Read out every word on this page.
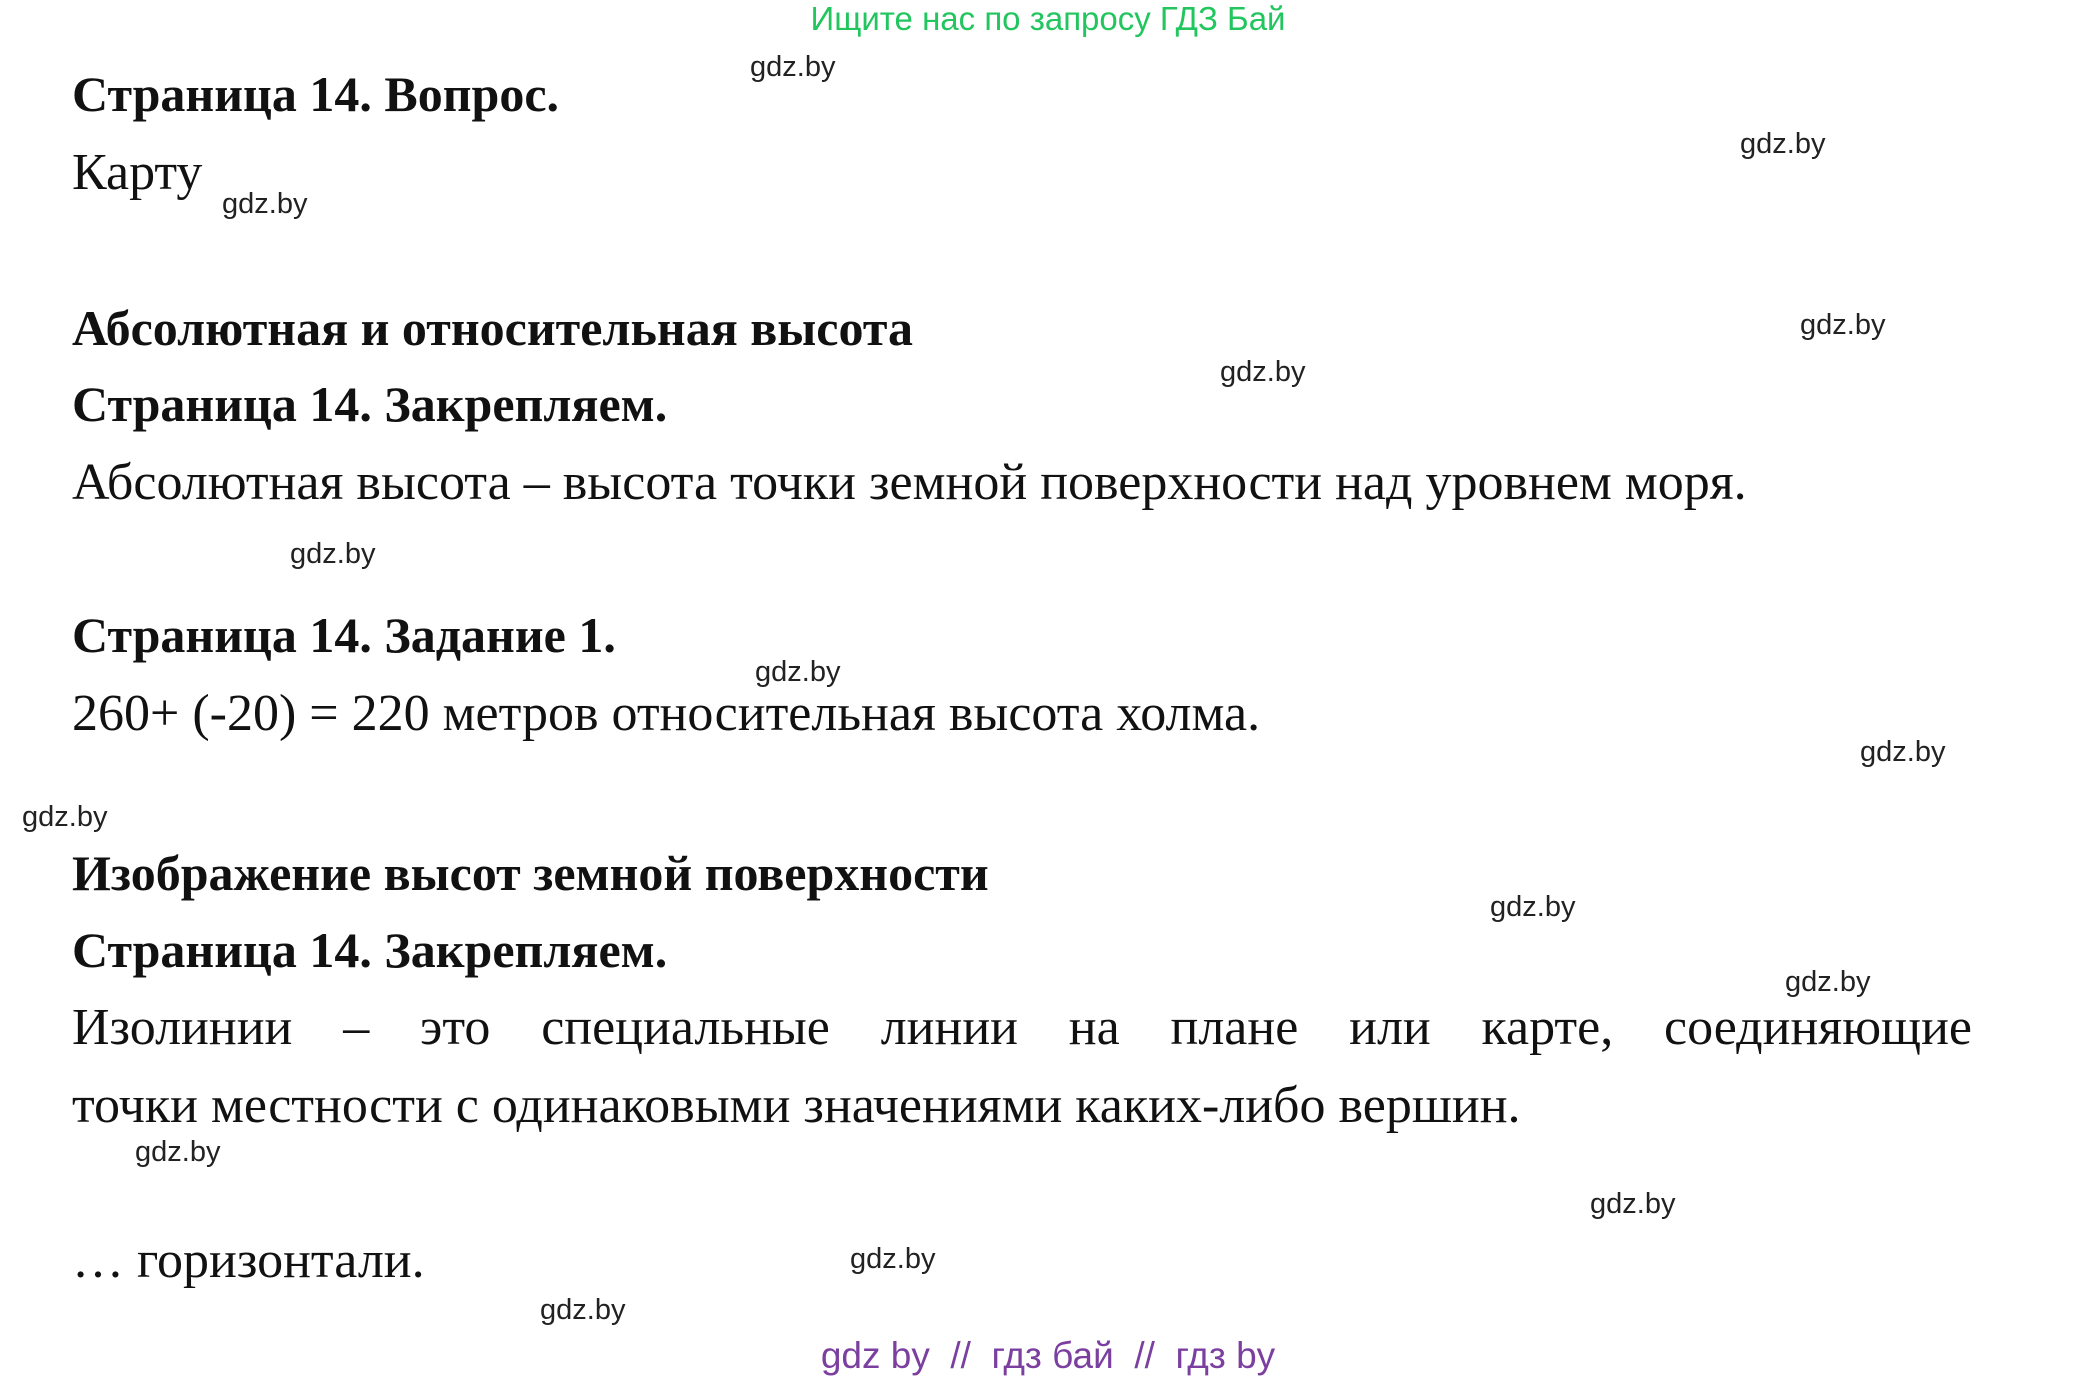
Ищите нас по запросу ГДЗ Бай
Страница 14. Вопрос.
Карту
Абсолютная и относительная высота
Страница 14. Закрепляем.
Абсолютная высота – высота точки земной поверхности над уровнем моря.
Страница 14. Задание 1.
260+ (-20) = 220 метров относительная высота холма.
Изображение высот земной поверхности
Страница 14. Закрепляем.
Изолинии – это специальные линии на плане или карте, соединяющие
точки местности с одинаковыми значениями каких-либо вершин.
… горизонтали.
gdz.by
gdz.by
gdz.by
gdz.by
gdz.by
gdz.by
gdz.by
gdz.by
gdz.by
gdz.by
gdz.by
gdz.by
gdz.by
gdz.by
gdz.by
gdz by  //  гдз бай  //  гдз by
